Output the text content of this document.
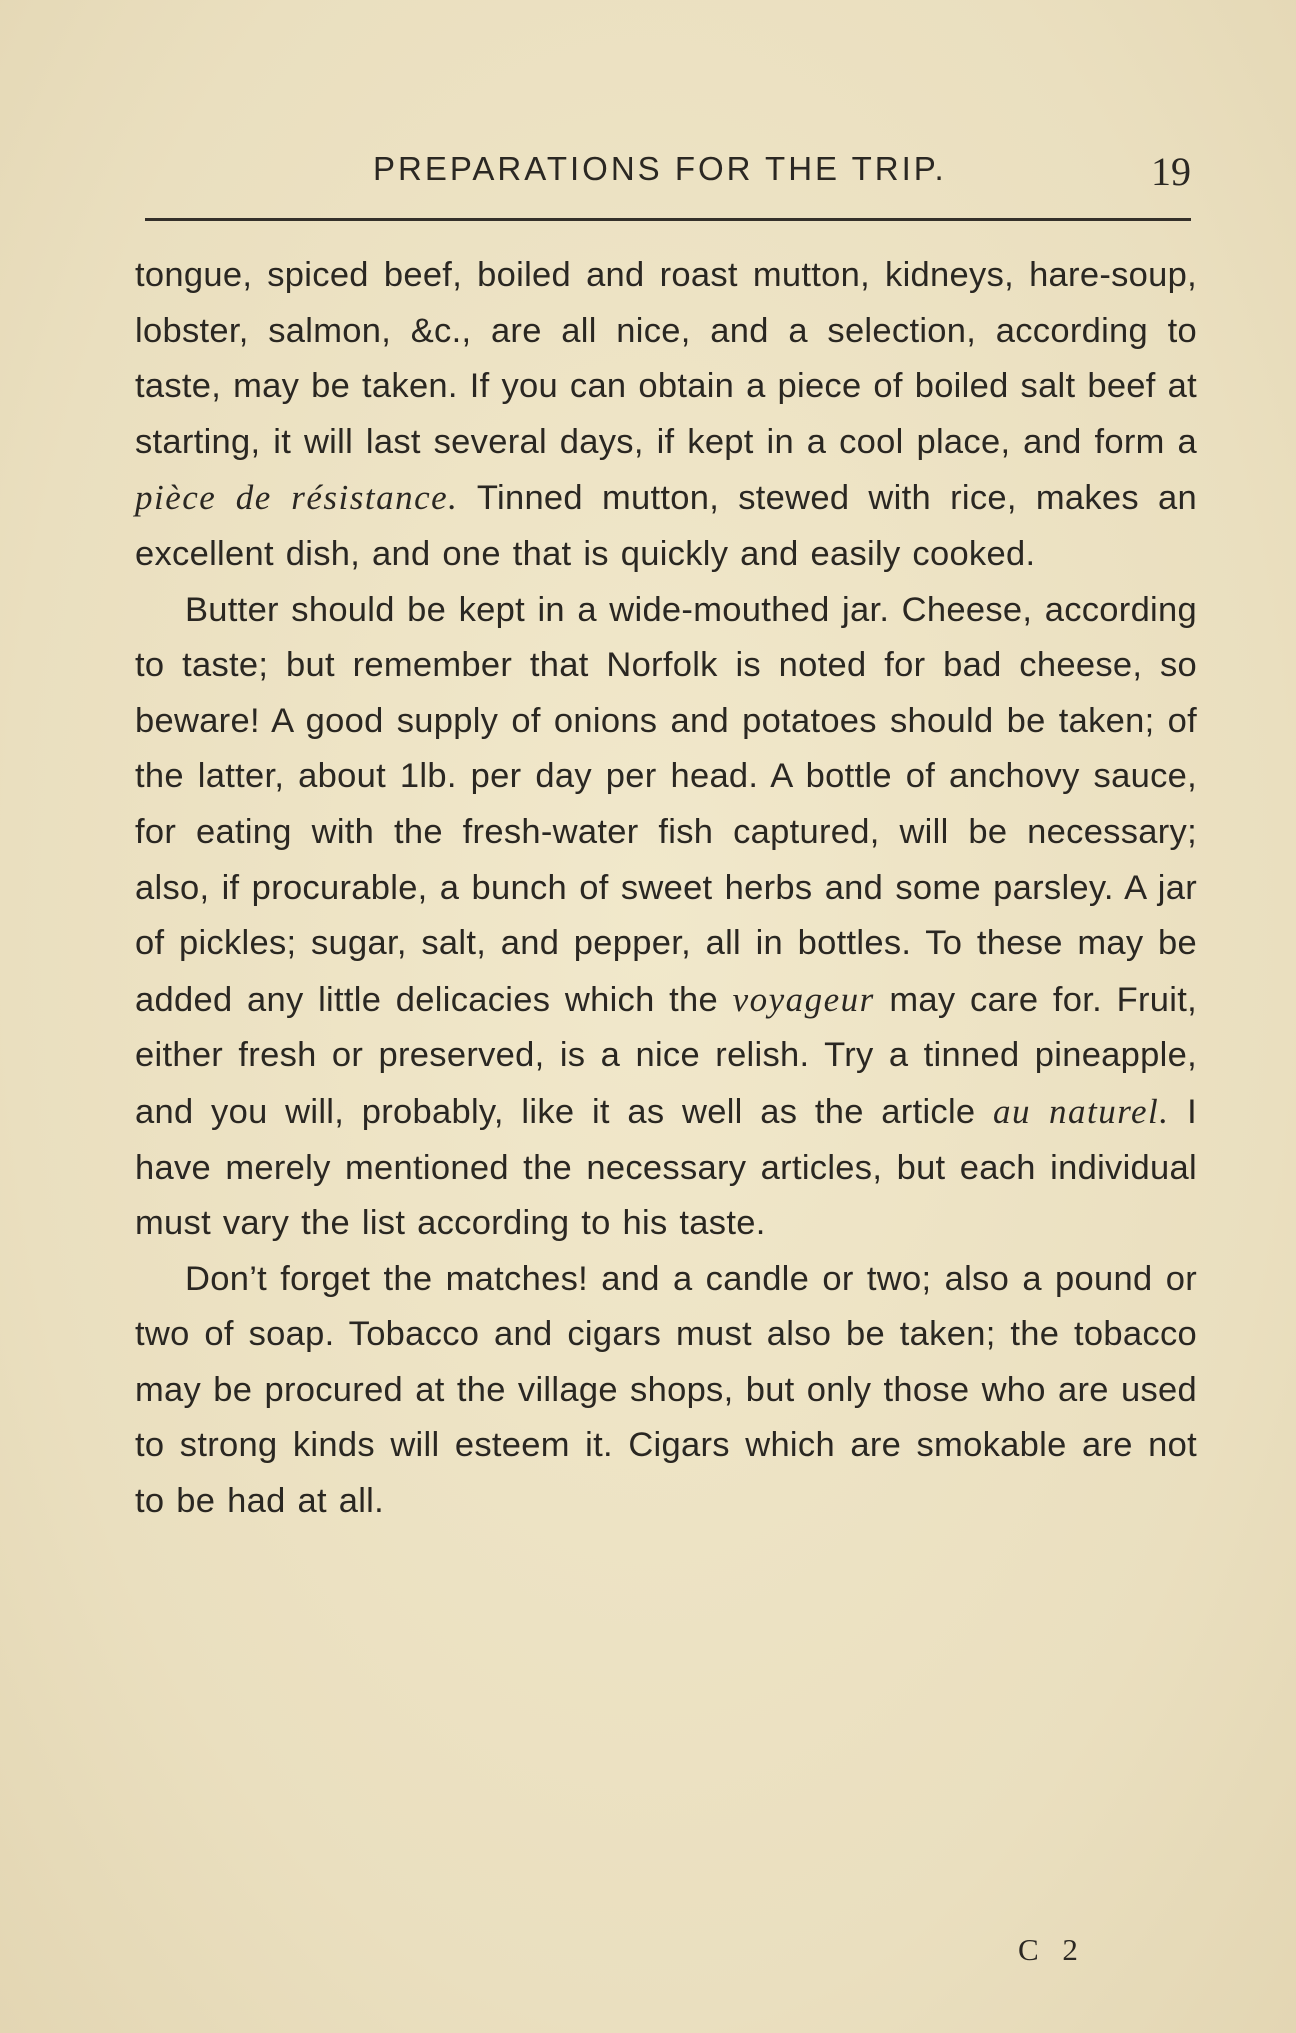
PREPARATIONS FOR THE TRIP.	19

tongue, spiced beef, boiled and roast mutton, kidneys, hare-soup, lobster, salmon, &c., are all nice, and a selection, according to taste, may be taken. If you can obtain a piece of boiled salt beef at starting, it will last several days, if kept in a cool place, and form a pièce de résistance. Tinned mutton, stewed with rice, makes an excellent dish, and one that is quickly and easily cooked.

Butter should be kept in a wide-mouthed jar. Cheese, according to taste; but remember that Norfolk is noted for bad cheese, so beware! A good supply of onions and potatoes should be taken; of the latter, about 1lb. per day per head. A bottle of anchovy sauce, for eating with the fresh-water fish captured, will be necessary; also, if procurable, a bunch of sweet herbs and some parsley. A jar of pickles; sugar, salt, and pepper, all in bottles. To these may be added any little delicacies which the voyageur may care for. Fruit, either fresh or preserved, is a nice relish. Try a tinned pineapple, and you will, probably, like it as well as the article au naturel. I have merely mentioned the necessary articles, but each individual must vary the list according to his taste.

Don’t forget the matches! and a candle or two; also a pound or two of soap. Tobacco and cigars must also be taken; the tobacco may be procured at the village shops, but only those who are used to strong kinds will esteem it. Cigars which are smokable are not to be had at all.

C 2
